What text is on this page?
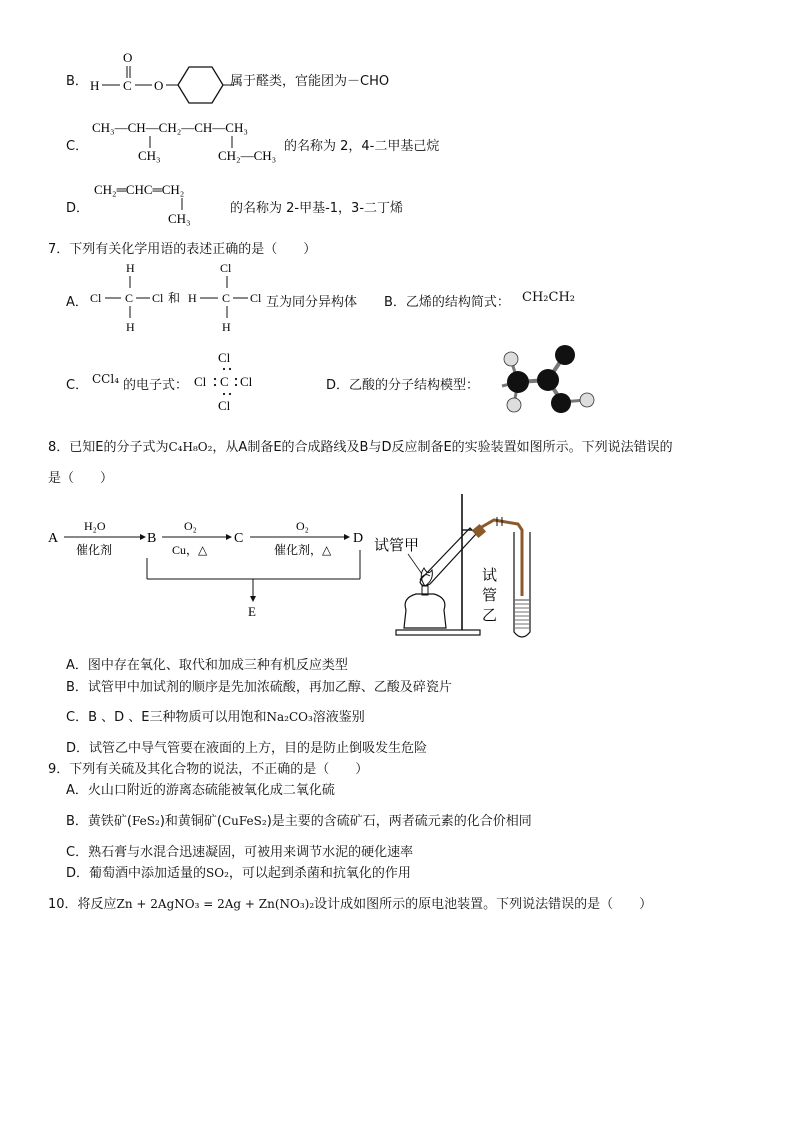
B． H C
O
O	属于醛类，官能团为－CHO
C．
CH₃—CH—CH₂—CH—CH₃
CH₃	CH₂—CH₃
的名称为 2，4-二甲基己烷
D．
CH₂═CHC═CH₂
CH₃
的名称为 2-甲基-1，3-二丁烯
7．下列有关化学用语的表述正确的是（　　）
A．
H
Cl C Cl
H
和
Cl
H C Cl
H
互为同分异构体 B．乙烯的结构简式： CH₂CH₂
C． CCl₄ 的电子式：
Cl
Cl C Cl
Cl
D．乙酸的分子结构模型：
8．已知E的分子式为C₄H₈O₂，从A制备E的合成路线及B与D反应制备E的实验装置如图所示。下列说法错误的
是（　　）
A
H₂O
催化剂
B
O₂
Cu，△
C
O₂
催化剂，△
D
E
试管甲
试
管
乙
A．图中存在氧化、取代和加成三种有机反应类型
B．试管甲中加试剂的顺序是先加浓硫酸，再加乙醇、乙酸及碎瓷片
C．B 、D 、E三种物质可以用饱和Na₂CO₃溶液鉴别
D．试管乙中导气管要在液面的上方，目的是防止倒吸发生危险
9．下列有关硫及其化合物的说法，不正确的是（　　）
A．火山口附近的游离态硫能被氧化成二氧化硫
B．黄铁矿(FeS₂)和黄铜矿(CuFeS₂)是主要的含硫矿石，两者硫元素的化合价相同
C．熟石膏与水混合迅速凝固，可被用来调节水泥的硬化速率
D．葡萄酒中添加适量的SO₂，可以起到杀菌和抗氧化的作用
10．将反应Zn + 2AgNO₃ = 2Ag + Zn(NO₃)₂设计成如图所示的原电池装置。下列说法错误的是（　　）
